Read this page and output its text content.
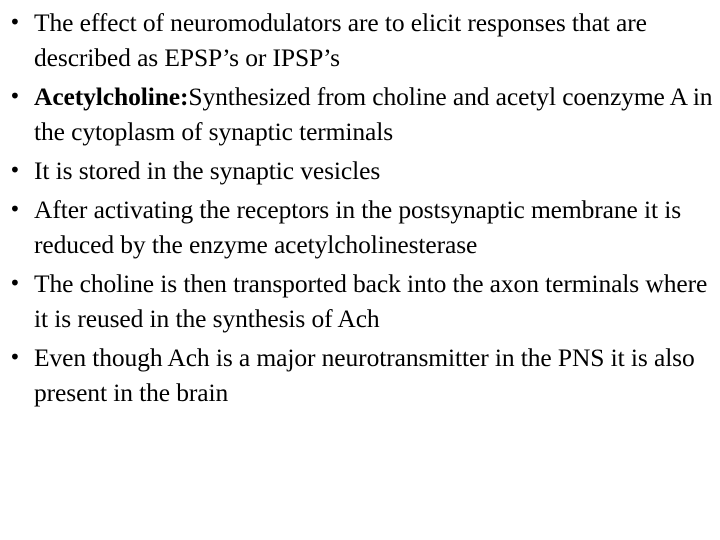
• The effect of neuromodulators are to elicit responses that are described as EPSP’s or IPSP’s
• Acetylcholine:Synthesized from choline and acetyl coenzyme A in the cytoplasm of synaptic terminals
• It is stored in the synaptic vesicles
• After activating the receptors in the postsynaptic membrane it is reduced by the enzyme acetylcholinesterase
• The choline is then transported back into the axon terminals where it is reused in the synthesis of Ach
• Even though Ach is a major neurotransmitter in the PNS it is also present in the brain
